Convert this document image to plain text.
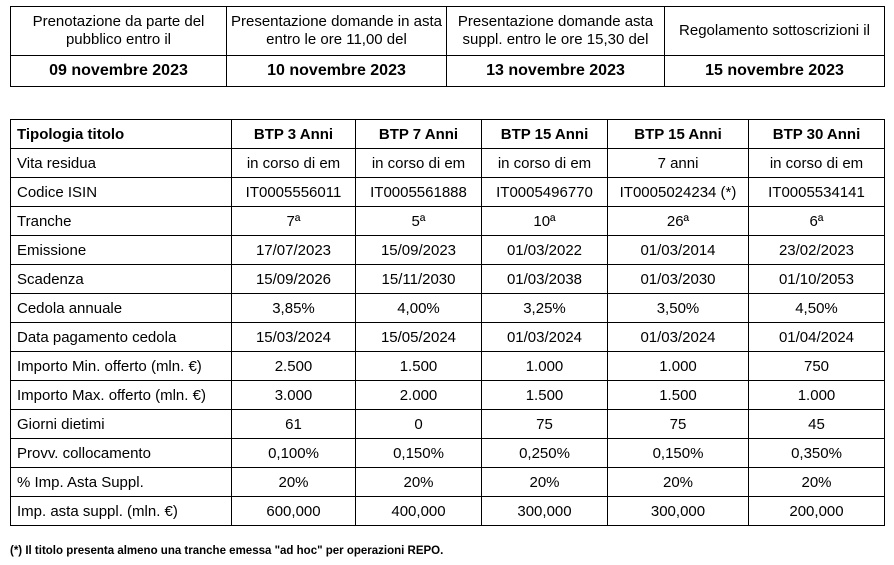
Prenotazione da parte del pubblico entro il	Presentazione domande in asta entro le ore 11,00 del	Presentazione domande asta suppl. entro le ore 15,30 del	Regolamento sottoscrizioni il
09 novembre 2023	10 novembre 2023	13 novembre 2023	15 novembre 2023
Tipologia titolo	BTP 3 Anni	BTP 7 Anni	BTP 15 Anni	BTP 15 Anni	BTP 30 Anni
Vita residua	in corso di em	in corso di em	in corso di em	7 anni	in corso di em
Codice ISIN	IT0005556011	IT0005561888	IT0005496770	IT0005024234 (*)	IT0005534141
Tranche	7ª	5ª	10ª	26ª	6ª
Emissione	17/07/2023	15/09/2023	01/03/2022	01/03/2014	23/02/2023
Scadenza	15/09/2026	15/11/2030	01/03/2038	01/03/2030	01/10/2053
Cedola annuale	3,85%	4,00%	3,25%	3,50%	4,50%
Data pagamento cedola	15/03/2024	15/05/2024	01/03/2024	01/03/2024	01/04/2024
Importo Min. offerto (mln. €)	2.500	1.500	1.000	1.000	750
Importo Max. offerto (mln. €)	3.000	2.000	1.500	1.500	1.000
Giorni dietimi	61	0	75	75	45
Provv. collocamento	0,100%	0,150%	0,250%	0,150%	0,350%
% Imp. Asta Suppl.	20%	20%	20%	20%	20%
Imp. asta suppl. (mln. €)	600,000	400,000	300,000	300,000	200,000
(*) Il titolo presenta almeno una tranche emessa "ad hoc" per operazioni REPO.
